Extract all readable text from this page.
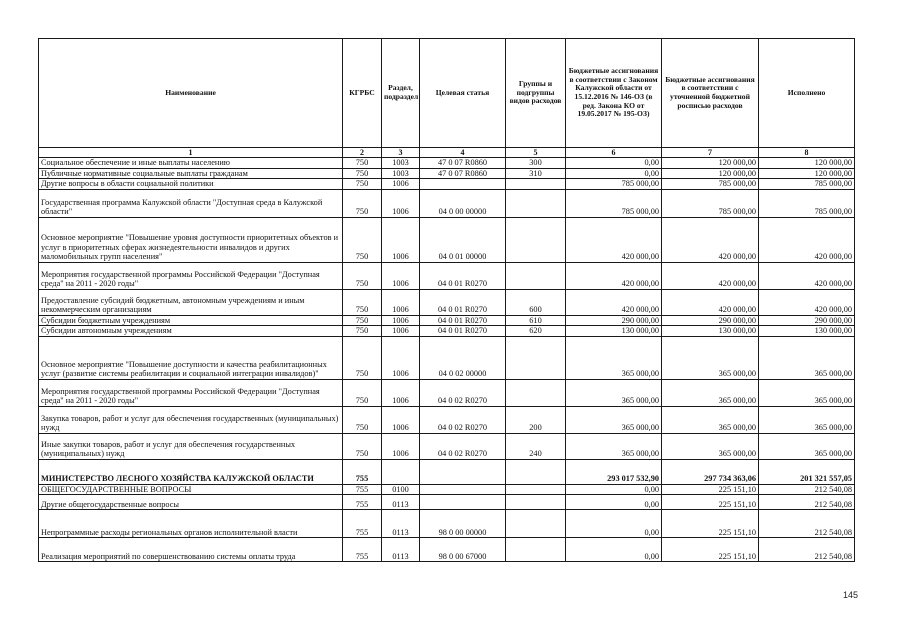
Наименование	КГРБС	Раздел, подраздел	Целевая статья	Группы и подгруппы видов расходов	Бюджетные ассигнования в соответствии с Законом Калужской области от 15.12.2016 № 146-ОЗ (в ред. Закона КО от 19.05.2017 № 195-ОЗ)	Бюджетные ассигнования в соответствии с уточненной бюджетной росписью расходов	Исполнено
1	2	3	4	5	6	7	8
Социальное обеспечение и иные выплаты населению	750	1003	47 0 07 R0860	300	0,00	120 000,00	120 000,00
Публичные нормативные социальные выплаты гражданам	750	1003	47 0 07 R0860	310	0,00	120 000,00	120 000,00
Другие вопросы в области социальной политики	750	1006			785 000,00	785 000,00	785 000,00
Государственная программа Калужской области "Доступная среда в Калужской области"	750	1006	04 0 00 00000		785 000,00	785 000,00	785 000,00
Основное мероприятие "Повышение уровня доступности приоритетных объектов и услуг в приоритетных сферах жизнедеятельности инвалидов и других маломобильных групп населения"	750	1006	04 0 01 00000		420 000,00	420 000,00	420 000,00
Мероприятия государственной программы Российской Федерации "Доступная среда" на 2011 - 2020 годы"	750	1006	04 0 01 R0270		420 000,00	420 000,00	420 000,00
Предоставление субсидий бюджетным, автономным учреждениям и иным некоммерческим организациям	750	1006	04 0 01 R0270	600	420 000,00	420 000,00	420 000,00
Субсидии бюджетным учреждениям	750	1006	04 0 01 R0270	610	290 000,00	290 000,00	290 000,00
Субсидии автономным учреждениям	750	1006	04 0 01 R0270	620	130 000,00	130 000,00	130 000,00
Основное мероприятие "Повышение доступности и качества реабилитационных услуг (развитие системы реабилитации и социальной интеграции инвалидов)"	750	1006	04 0 02 00000		365 000,00	365 000,00	365 000,00
Мероприятия государственной программы Российской Федерации "Доступная среда" на 2011 - 2020 годы"	750	1006	04 0 02 R0270		365 000,00	365 000,00	365 000,00
Закупка товаров, работ и услуг для обеспечения государственных (муниципальных) нужд	750	1006	04 0 02 R0270	200	365 000,00	365 000,00	365 000,00
Иные закупки товаров, работ и услуг для обеспечения государственных (муниципальных) нужд	750	1006	04 0 02 R0270	240	365 000,00	365 000,00	365 000,00
МИНИСТЕРСТВО ЛЕСНОГО ХОЗЯЙСТВА КАЛУЖСКОЙ ОБЛАСТИ	755				293 017 532,90	297 734 363,06	201 321 557,05
ОБЩЕГОСУДАРСТВЕННЫЕ ВОПРОСЫ	755	0100			0,00	225 151,10	212 540,08
Другие общегосударственные вопросы	755	0113			0,00	225 151,10	212 540,08
Непрограммные расходы региональных органов исполнительной власти	755	0113	98 0 00 00000		0,00	225 151,10	212 540,08
Реализация мероприятий по совершенствованию системы оплаты труда	755	0113	98 0 00 67000		0,00	225 151,10	212 540,08
145
